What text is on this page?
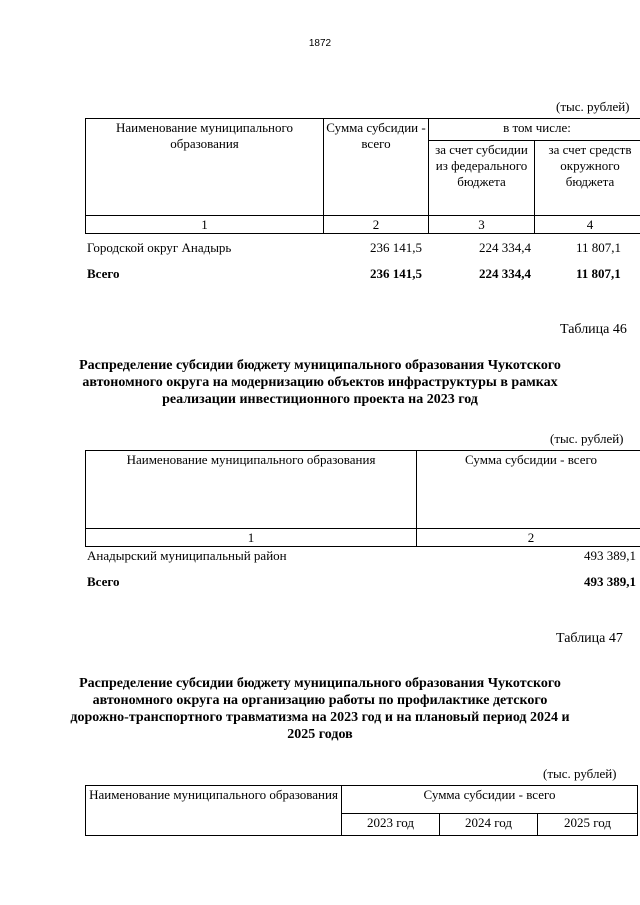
1872
(тыс. рублей)
Наименование муниципального образования	Сумма субсидии - всего	в том числе:	
		за счет субсидии из федерального бюджета	за счет средств окружного бюджета
1	2	3	4
Городской округ Анадырь	236 141,5	224 334,4	11 807,1
Всего	236 141,5	224 334,4	11 807,1
Таблица 46
Распределение субсидии бюджету муниципального образования Чукотского автономного округа на модернизацию объектов инфраструктуры в рамках реализации инвестиционного проекта на 2023 год
(тыс. рублей)
Наименование муниципального образования	Сумма субсидии - всего
1	2
Анадырский муниципальный район	493 389,1
Всего	493 389,1
Таблица 47
Распределение субсидии бюджету муниципального образования Чукотского автономного округа на организацию работы по профилактике детского дорожно-транспортного травматизма на 2023 год и на плановый период 2024 и 2025 годов
(тыс. рублей)
Наименование муниципального образования	Сумма субсидии - всего		
	2023 год	2024 год	2025 год
